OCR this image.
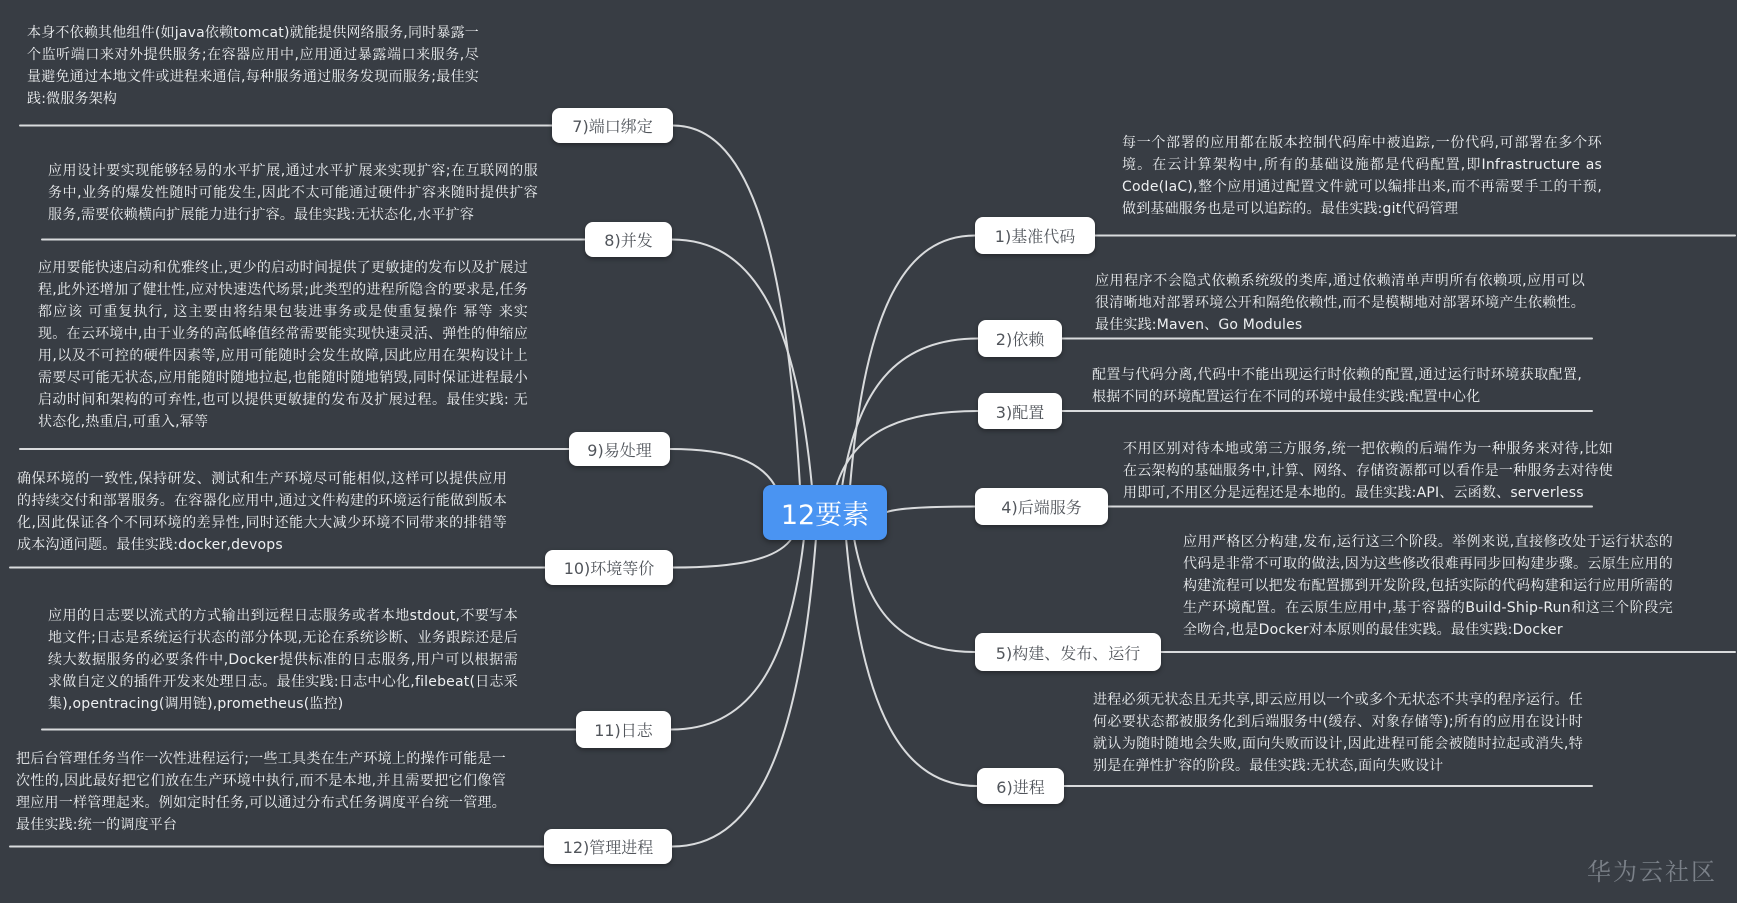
12要素
华为云社区
每一个部署的应用都在版本控制代码库中被追踪,一份代码,可部署在多个环境。在云计算架构中,所有的基础设施都是代码配置,即Infrastructure as Code(IaC),整个应用通过配置文件就可以编排出来,而不再需要手工的干预,做到基础服务也是可以追踪的。最佳实践:git代码管理
1)基准代码
应用程序不会隐式依赖系统级的类库,通过依赖清单声明所有依赖项,应用可以很清晰地对部署环境公开和隔绝依赖性,而不是模糊地对部署环境产生依赖性。最佳实践:Maven、Go Modules
2)依赖
配置与代码分离,代码中不能出现运行时依赖的配置,通过运行时环境获取配置,根据不同的环境配置运行在不同的环境中最佳实践:配置中心化
3)配置
不用区别对待本地或第三方服务,统一把依赖的后端作为一种服务来对待,比如在云架构的基础服务中,计算、网络、存储资源都可以看作是一种服务去对待使用即可,不用区分是远程还是本地的。最佳实践:API、云函数、serverless
4)后端服务
应用严格区分构建,发布,运行这三个阶段。举例来说,直接修改处于运行状态的代码是非常不可取的做法,因为这些修改很难再同步回构建步骤。云原生应用的构建流程可以把发布配置挪到开发阶段,包括实际的代码构建和运行应用所需的生产环境配置。在云原生应用中,基于容器的Build-Ship-Run和这三个阶段完全吻合,也是Docker对本原则的最佳实践。最佳实践:Docker
5)构建、发布、运行
进程必须无状态且无共享,即云应用以一个或多个无状态不共享的程序运行。任何必要状态都被服务化到后端服务中(缓存、对象存储等);所有的应用在设计时就认为随时随地会失败,面向失败而设计,因此进程可能会被随时拉起或消失,特别是在弹性扩容的阶段。最佳实践:无状态,面向失败设计
6)进程
本身不依赖其他组件(如java依赖tomcat)就能提供网络服务,同时暴露一个监听端口来对外提供服务;在容器应用中,应用通过暴露端口来服务,尽量避免通过本地文件或进程来通信,每种服务通过服务发现而服务;最佳实践:微服务架构
7)端口绑定
应用设计要实现能够轻易的水平扩展,通过水平扩展来实现扩容;在互联网的服务中,业务的爆发性随时可能发生,因此不太可能通过硬件扩容来随时提供扩容服务,需要依赖横向扩展能力进行扩容。最佳实践:无状态化,水平扩容
8)并发
应用要能快速启动和优雅终止,更少的启动时间提供了更敏捷的发布以及扩展过程,此外还增加了健壮性,应对快速迭代场景;此类型的进程所隐含的要求是,任务都应该 可重复执行, 这主要由将结果包装进事务或是使重复操作 幂等 来实现。在云环境中,由于业务的高低峰值经常需要能实现快速灵活、弹性的伸缩应用,以及不可控的硬件因素等,应用可能随时会发生故障,因此应用在架构设计上需要尽可能无状态,应用能随时随地拉起,也能随时随地销毁,同时保证进程最小启动时间和架构的可弃性,也可以提供更敏捷的发布及扩展过程。最佳实践: 无状态化,热重启,可重入,幂等
9)易处理
确保环境的一致性,保持研发、测试和生产环境尽可能相似,这样可以提供应用的持续交付和部署服务。在容器化应用中,通过文件构建的环境运行能做到版本化,因此保证各个不同环境的差异性,同时还能大大减少环境不同带来的排错等成本沟通问题。最佳实践:docker,devops
10)环境等价
应用的日志要以流式的方式输出到远程日志服务或者本地stdout,不要写本地文件;日志是系统运行状态的部分体现,无论在系统诊断、业务跟踪还是后续大数据服务的必要条件中,Docker提供标准的日志服务,用户可以根据需求做自定义的插件开发来处理日志。最佳实践:日志中心化,filebeat(日志采集),opentracing(调用链),prometheus(监控)
11)日志
把后台管理任务当作一次性进程运行;一些工具类在生产环境上的操作可能是一次性的,因此最好把它们放在生产环境中执行,而不是本地,并且需要把它们像管理应用一样管理起来。例如定时任务,可以通过分布式任务调度平台统一管理。最佳实践:统一的调度平台
12)管理进程
